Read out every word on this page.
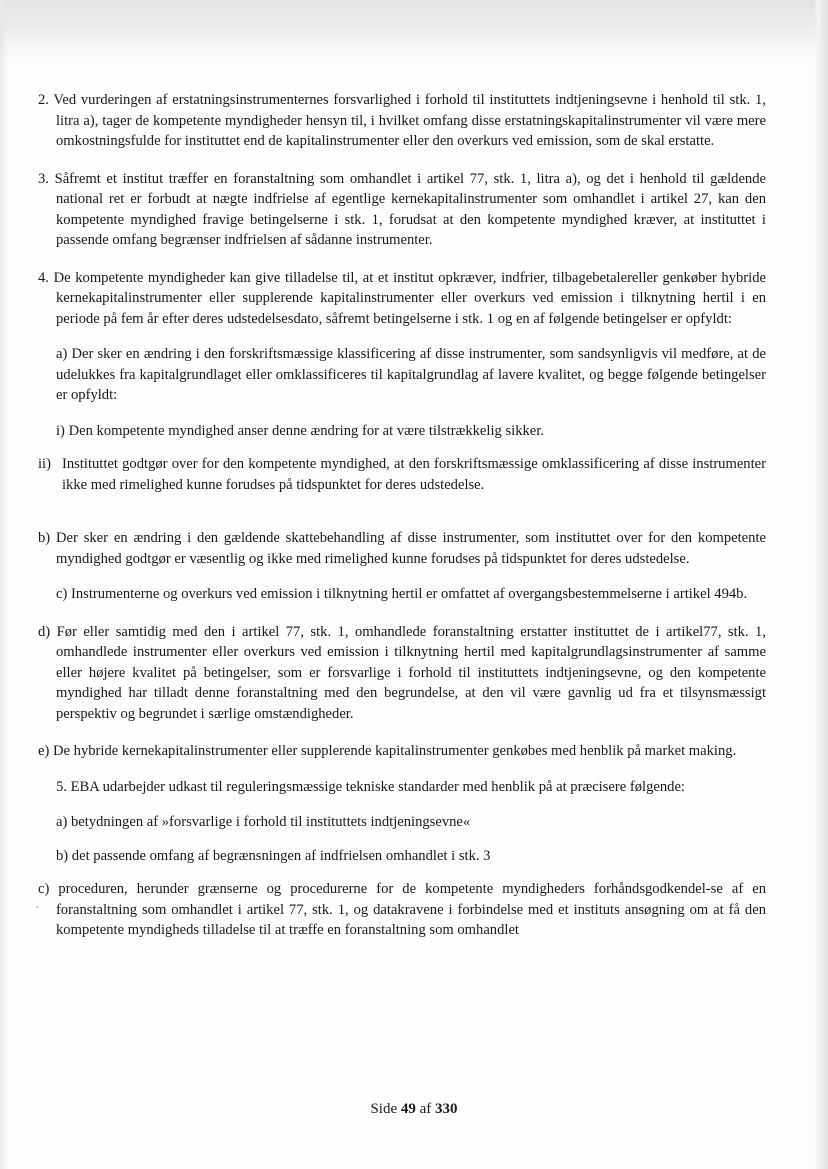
2. Ved vurderingen af erstatningsinstrumenternes forsvarlighed i forhold til instituttets indtjeningsevne i henhold til stk. 1, litra a), tager de kompetente myndigheder hensyn til, i hvilket omfang disse erstatningskapitalinstrumenter vil være mere omkostningsfulde for instituttet end de kapitalinstrumenter eller den overkurs ved emission, som de skal erstatte.

3. Såfremt et institut træffer en foranstaltning som omhandlet i artikel 77, stk. 1, litra a), og det i henhold til gældende national ret er forbudt at nægte indfrielse af egentlige kernekapitalinstrumenter som omhandlet i artikel 27, kan den kompetente myndighed fravige betingelserne i stk. 1, forudsat at den kompetente myndighed kræver, at instituttet i passende omfang begrænser indfrielsen af sådanne instrumenter.

4. De kompetente myndigheder kan give tilladelse til, at et institut opkræver, indfrier, tilbagebetalereller genkøber hybride kernekapitalinstrumenter eller supplerende kapitalinstrumenter eller overkurs ved emission i tilknytning hertil i en periode på fem år efter deres udstedelsesdato, såfremt betingelserne i stk. 1 og en af følgende betingelser er opfyldt:

a) Der sker en ændring i den forskriftsmæssige klassificering af disse instrumenter, som sandsynligvis vil medføre, at de udelukkes fra kapitalgrundlaget eller omklassificeres til kapitalgrundlag af lavere kvalitet, og begge følgende betingelser er opfyldt:

i) Den kompetente myndighed anser denne ændring for at være tilstrækkelig sikker.

ii) Instituttet godtgør over for den kompetente myndighed, at den forskriftsmæssige omklassificering af disse instrumenter ikke med rimelighed kunne forudses på tidspunktet for deres udstedelse.

b) Der sker en ændring i den gældende skattebehandling af disse instrumenter, som instituttet over for den kompetente myndighed godtgør er væsentlig og ikke med rimelighed kunne forudses på tidspunktet for deres udstedelse.

c) Instrumenterne og overkurs ved emission i tilknytning hertil er omfattet af overgangsbestemmelserne i artikel 494b.

d) Før eller samtidig med den i artikel 77, stk. 1, omhandlede foranstaltning erstatter instituttet de i artikel77, stk. 1, omhandlede instrumenter eller overkurs ved emission i tilknytning hertil med kapitalgrundlagsinstrumenter af samme eller højere kvalitet på betingelser, som er forsvarlige i forhold til instituttets indtjeningsevne, og den kompetente myndighed har tilladt denne foranstaltning med den begrundelse, at den vil være gavnlig ud fra et tilsynsmæssigt perspektiv og begrundet i særlige omstændigheder.

e) De hybride kernekapitalinstrumenter eller supplerende kapitalinstrumenter genkøbes med henblik på market making.

5. EBA udarbejder udkast til reguleringsmæssige tekniske standarder med henblik på at præcisere følgende:

a) betydningen af »forsvarlige i forhold til instituttets indtjeningsevne«

b) det passende omfang af begrænsningen af indfrielsen omhandlet i stk. 3

c) proceduren, herunder grænserne og procedurerne for de kompetente myndigheders forhåndsgodkendel-se af en foranstaltning som omhandlet i artikel 77, stk. 1, og datakravene i forbindelse med et instituts ansøgning om at få den kompetente myndigheds tilladelse til at træffe en foranstaltning som omhandlet

Side 49 af 330
